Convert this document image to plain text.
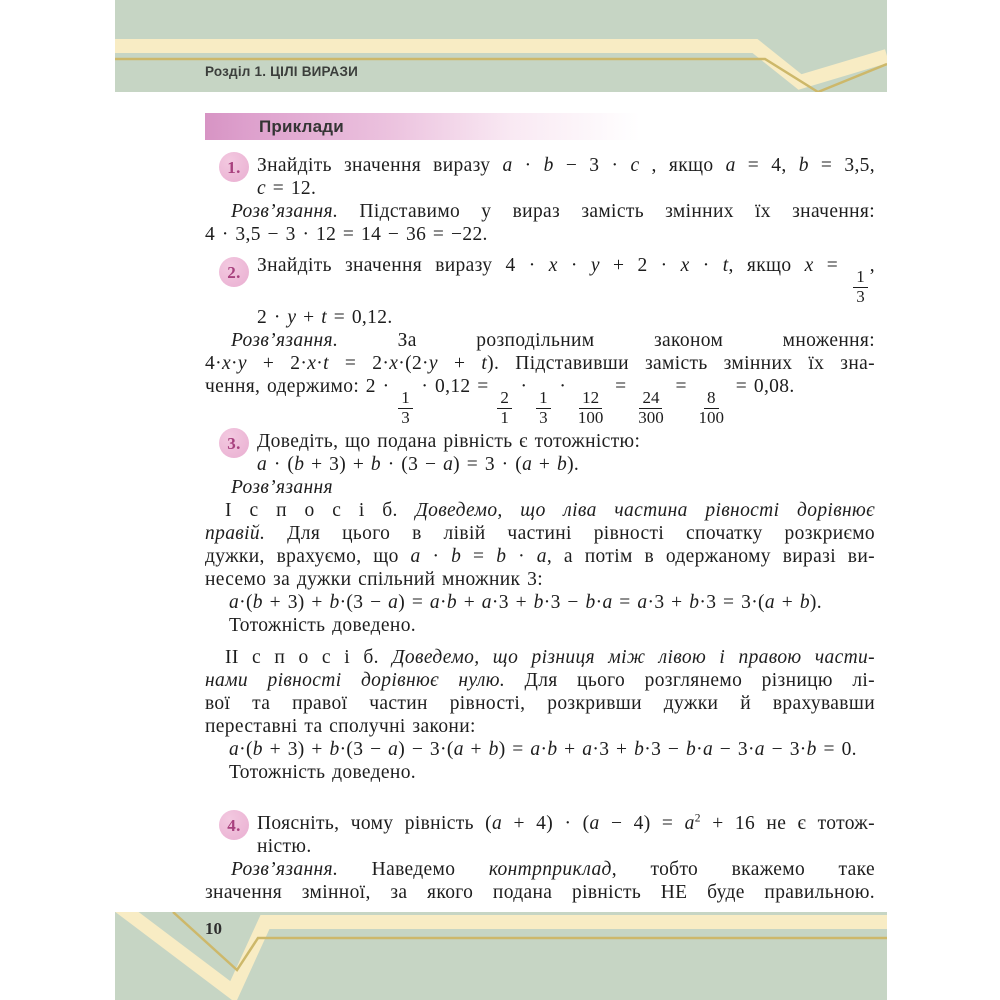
Розділ 1. ЦІЛІ ВИРАЗИ
Приклади
1. Знайдіть значення виразу a · b − 3 · c , якщо a = 4, b = 3,5,
c = 12.
Розв’язання. Підставимо у вираз замість змінних їх значення:
4 · 3,5 − 3 · 12 = 14 − 36 = −22.
2. Знайдіть значення виразу 4 · x · y + 2 · x · t, якщо x =
$\frac{1}{3}$
,
2 · y + t = 0,12.
Розв’язання. За розподільним законом множення:
4·x·y + 2·x·t = 2·x·(2·y + t). Підставивши замість змінних їх зна-
чення, одержимо: 2 ·
$\frac{1}{3}$
· 0,12 =
$\frac{2}{1}$
·
$\frac{1}{3}$
·
$\frac{12}{100}$
=
$\frac{24}{300}$
=
$\frac{8}{100}$
= 0,08.
3. Доведіть, що подана рівність є тотожністю:
a · (b + 3) + b · (3 − a) = 3 · (a + b).
Розв’язання
І с п о с і б. Доведемо, що ліва частина рівності дорівнює
правій. Для цього в лівій частині рівності спочатку розкриємо
дужки, врахуємо, що a · b = b · a, а потім в одержаному виразі ви-
несемо за дужки спільний множник 3:
a·(b + 3) + b·(3 − a) = a·b + a·3 + b·3 − b·a = a·3 + b·3 = 3·(a + b).
Тотожність доведено.
ІІ с п о с і б. Доведемо, що різниця між лівою і правою части-
нами рівності дорівнює нулю. Для цього розглянемо різницю лі-
вої та правої частин рівності, розкривши дужки й врахувавши
переставні та сполучні закони:
a·(b + 3) + b·(3 − a) − 3·(a + b) = a·b + a·3 + b·3 − b·a − 3·a − 3·b = 0.
Тотожність доведено.
4. Поясніть, чому рівність $(a + 4) \cdot (a - 4) = a^2 + 16$ не є тотож-
ністю.
Розв’язання. Наведемо контрприклад, тобто вкажемо таке
значення змінної, за якого подана рівність НЕ буде правильною.
10
